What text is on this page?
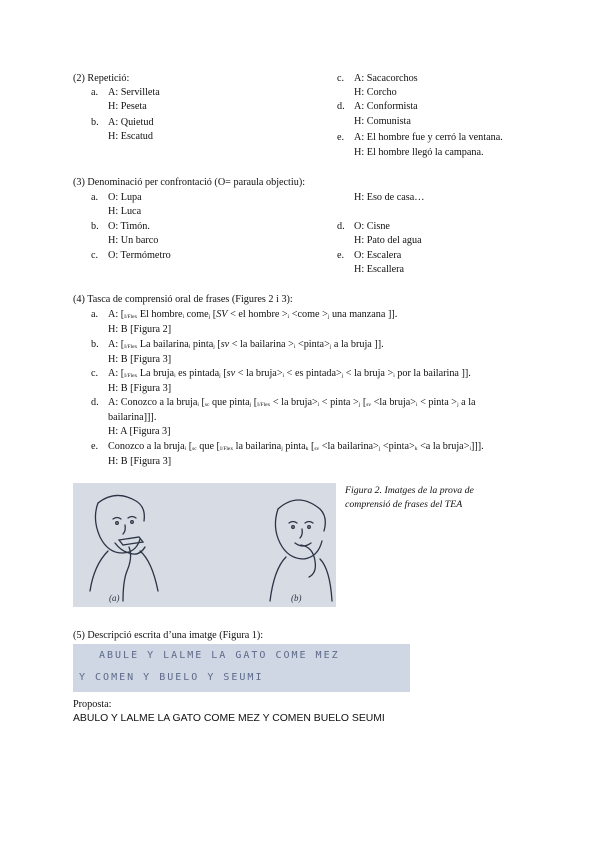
(2) Repetició:
a. A: Servilleta
H: Peseta
b. A: Quietud
H: Escatud
c. A: Sacacorchos
H: Corcho
d. A: Conformista
H: Comunista
e. A: El hombre fue y cerró la ventana.
H: El hombre llegó la campana.
(3) Denominació per confrontació (O= paraula objectiu):
a. O: Lupa
H: Luca
b. O: Timón.
H: Un barco
c. O: Termómetro
H: Eso de casa…
d. O: Cisne
H: Pato del agua
e. O: Escalera
H: Escallera
(4) Tasca de comprensió oral de frases (Figures 2 i 3):
a. A: [I/Flex El hombrei comej [SV < el hombre >i <come >j una manzana ]].
H: B [Figura 2]
b. A: [I/Flex La bailarinai pintaj [sv < la bailarina >i <pinta>j a la bruja ]].
H: B [Figura 3]
c. A: [I/Flex La brujai es pintadaj [sv < la bruja>i < es pintada>j < la bruja >i por la bailarina ]].
H: B [Figura 3]
d. A: Conozco a la brujai [sc que pintaj [I/Flex < la bruja>i < pinta >j [sv <la bruja>i < pinta >j a la
bailarina]]].
H: A [Figura 3]
e. Conozco a la brujai [sc que [I/Flex la bailarinaj pintak [sv <la bailarina>j <pinta>k <a la bruja>i]]].
H: B [Figura 3]
(a)	(b)
Figura 2. Imatges de la prova de
comprensió de frases del TEA
(5) Descripció escrita d’una imatge (Figura 1):
ABULE Y LALME LA GATO COME MEZ
Y COMEN Y BUELO Y SEUMI
Proposta:
ABULO Y LALME LA GATO COME MEZ Y COMEN BUELO SEUMI
